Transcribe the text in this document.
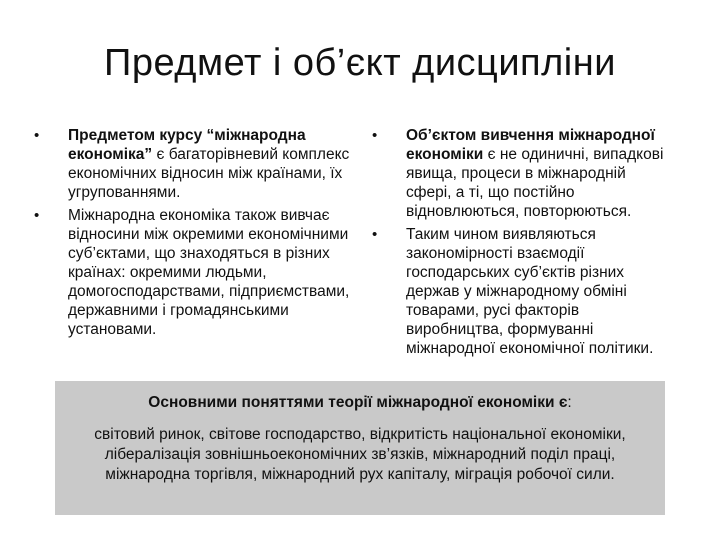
Предмет і об’єкт дисципліни
• Предметом курсу “міжнародна економіка” є багаторівневий комплекс економічних відносин між країнами, їх угрупованнями.
• Міжнародна економіка також вивчає відносини між окремими економічними суб’єктами, що знаходяться в різних країнах: окремими людьми, домогосподарствами, підприємствами, державними і громадянськими установами.
• Об’єктом вивчення міжнародної економіки є не одиничні, випадкові явища, процеси в міжнародній сфері, а ті, що постійно відновлюються, повторюються.
• Таким чином виявляються закономірності взаємодії господарських суб’єктів різних держав у міжнародному обміні товарами, русі факторів виробництва, формуванні міжнародної економічної політики.
Основними поняттями теорії міжнародної економіки є:
світовий ринок, світове господарство, відкритість національної економіки, лібералізація зовнішньоекономічних зв’язків, міжнародний поділ праці, міжнародна торгівля, міжнародний рух капіталу, міграція робочої сили.
